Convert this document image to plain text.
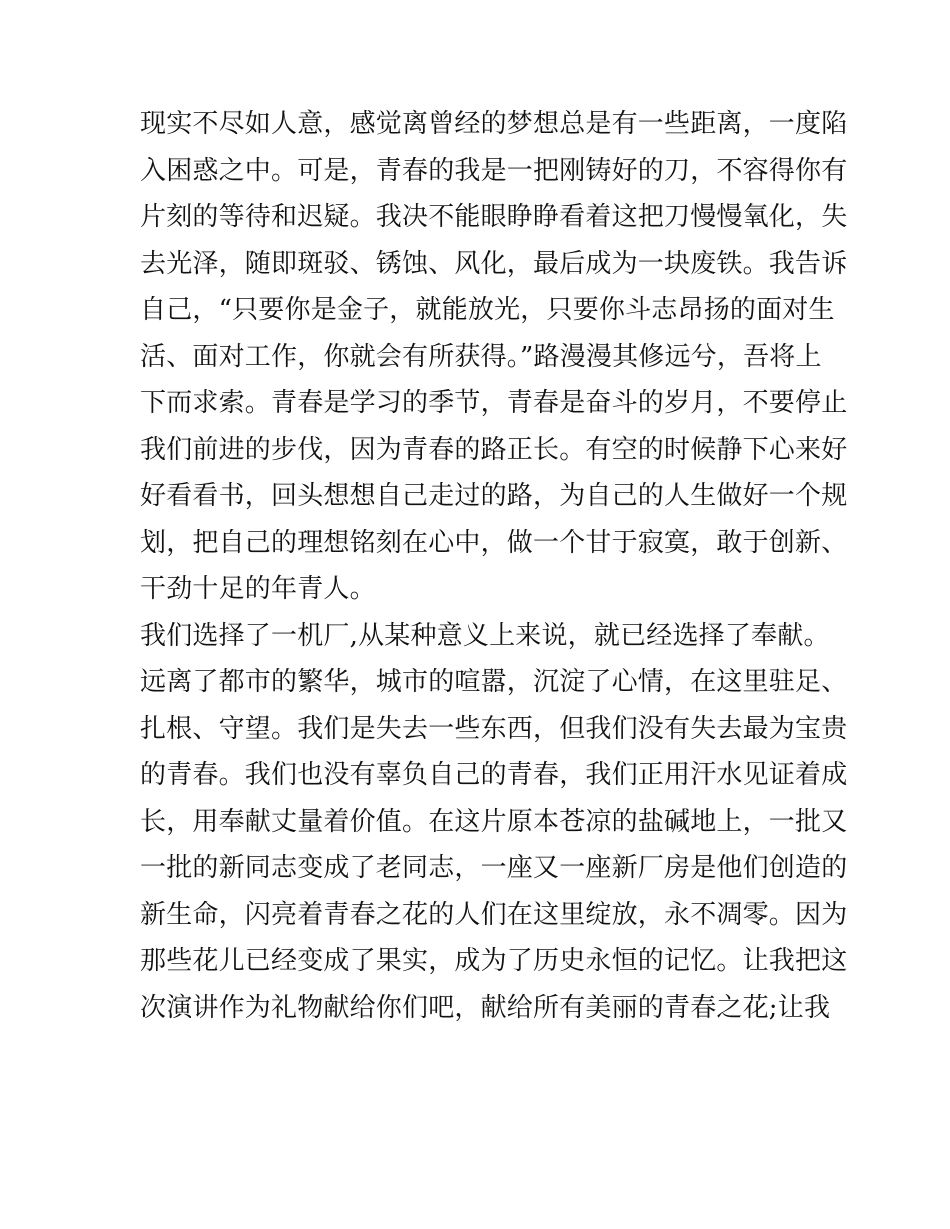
现实不尽如人意，感觉离曾经的梦想总是有一些距离，一度陷
入困惑之中。可是，青春的我是一把刚铸好的刀，不容得你有
片刻的等待和迟疑。我决不能眼睁睁看着这把刀慢慢氧化，失
去光泽，随即斑驳、锈蚀、风化，最后成为一块废铁。我告诉
自己，“只要你是金子，就能放光，只要你斗志昂扬的面对生
活、面对工作，你就会有所获得。”路漫漫其修远兮，吾将上
下而求索。青春是学习的季节，青春是奋斗的岁月，不要停止
我们前进的步伐，因为青春的路正长。有空的时候静下心来好
好看看书，回头想想自己走过的路，为自己的人生做好一个规
划，把自己的理想铭刻在心中，做一个甘于寂寞，敢于创新、
干劲十足的年青人。
我们选择了一机厂,从某种意义上来说，就已经选择了奉献。
远离了都市的繁华，城市的喧嚣，沉淀了心情，在这里驻足、
扎根、守望。我们是失去一些东西，但我们没有失去最为宝贵
的青春。我们也没有辜负自己的青春，我们正用汗水见证着成
长，用奉献丈量着价值。在这片原本苍凉的盐碱地上，一批又
一批的新同志变成了老同志，一座又一座新厂房是他们创造的
新生命，闪亮着青春之花的人们在这里绽放，永不凋零。因为
那些花儿已经变成了果实，成为了历史永恒的记忆。让我把这
次演讲作为礼物献给你们吧，献给所有美丽的青春之花;让我
